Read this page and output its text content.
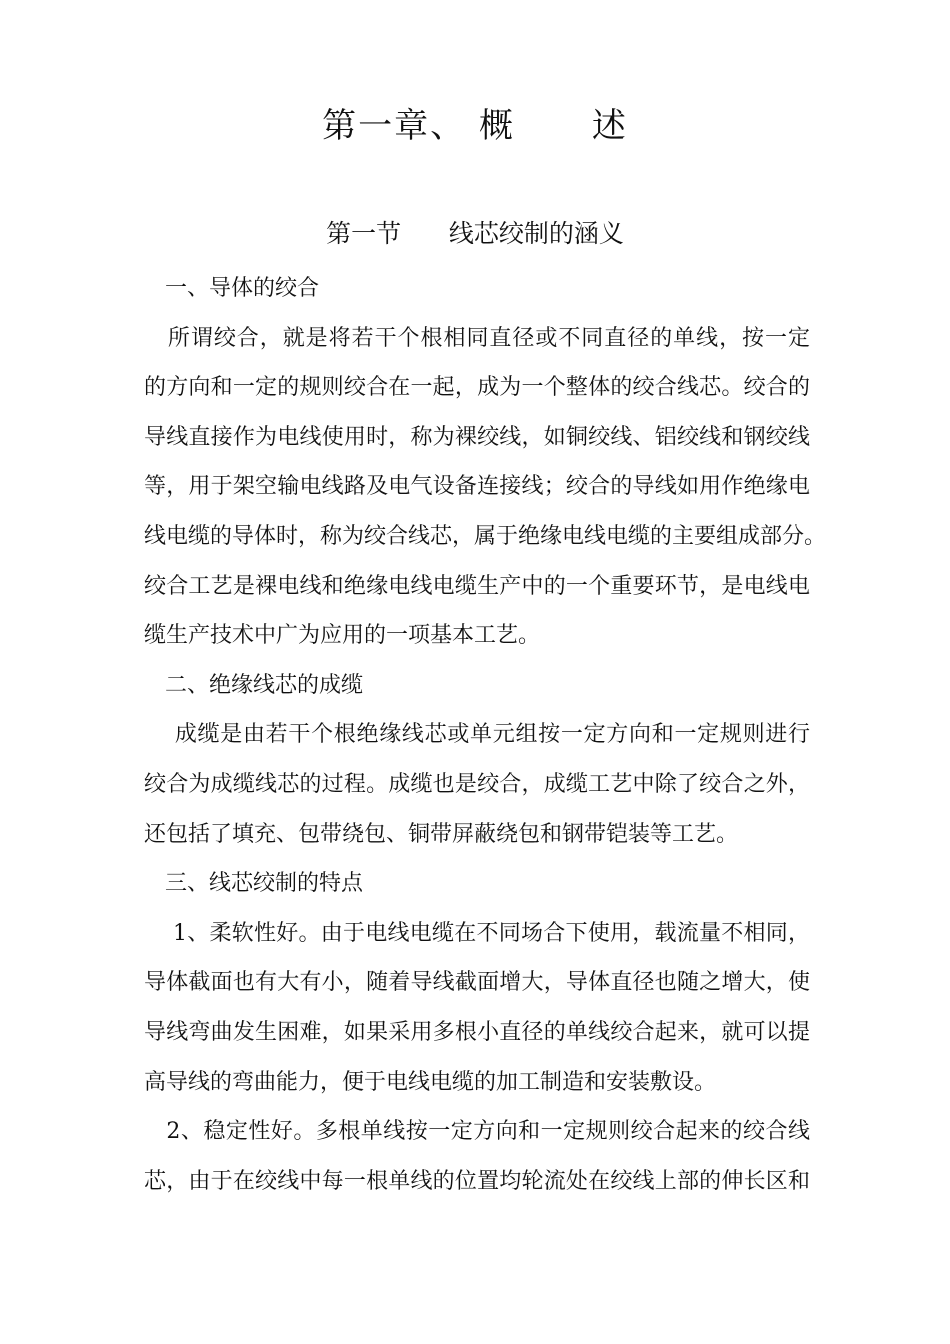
第一章、 概      述
第一节      线芯绞制的涵义
一、导体的绞合
所谓绞合，就是将若干个根相同直径或不同直径的单线，按一定
的方向和一定的规则绞合在一起，成为一个整体的绞合线芯。绞合的
导线直接作为电线使用时，称为裸绞线，如铜绞线、铝绞线和钢绞线
等，用于架空输电线路及电气设备连接线；绞合的导线如用作绝缘电
线电缆的导体时，称为绞合线芯，属于绝缘电线电缆的主要组成部分。
绞合工艺是裸电线和绝缘电线电缆生产中的一个重要环节，是电线电
缆生产技术中广为应用的一项基本工艺。
二、绝缘线芯的成缆
成缆是由若干个根绝缘线芯或单元组按一定方向和一定规则进行
绞合为成缆线芯的过程。成缆也是绞合，成缆工艺中除了绞合之外，
还包括了填充、包带绕包、铜带屏蔽绕包和钢带铠装等工艺。
三、线芯绞制的特点
1、柔软性好。由于电线电缆在不同场合下使用，载流量不相同，
导体截面也有大有小，随着导线截面增大，导体直径也随之增大，使
导线弯曲发生困难，如果采用多根小直径的单线绞合起来，就可以提
高导线的弯曲能力，便于电线电缆的加工制造和安装敷设。
2、稳定性好。多根单线按一定方向和一定规则绞合起来的绞合线
芯，由于在绞线中每一根单线的位置均轮流处在绞线上部的伸长区和
